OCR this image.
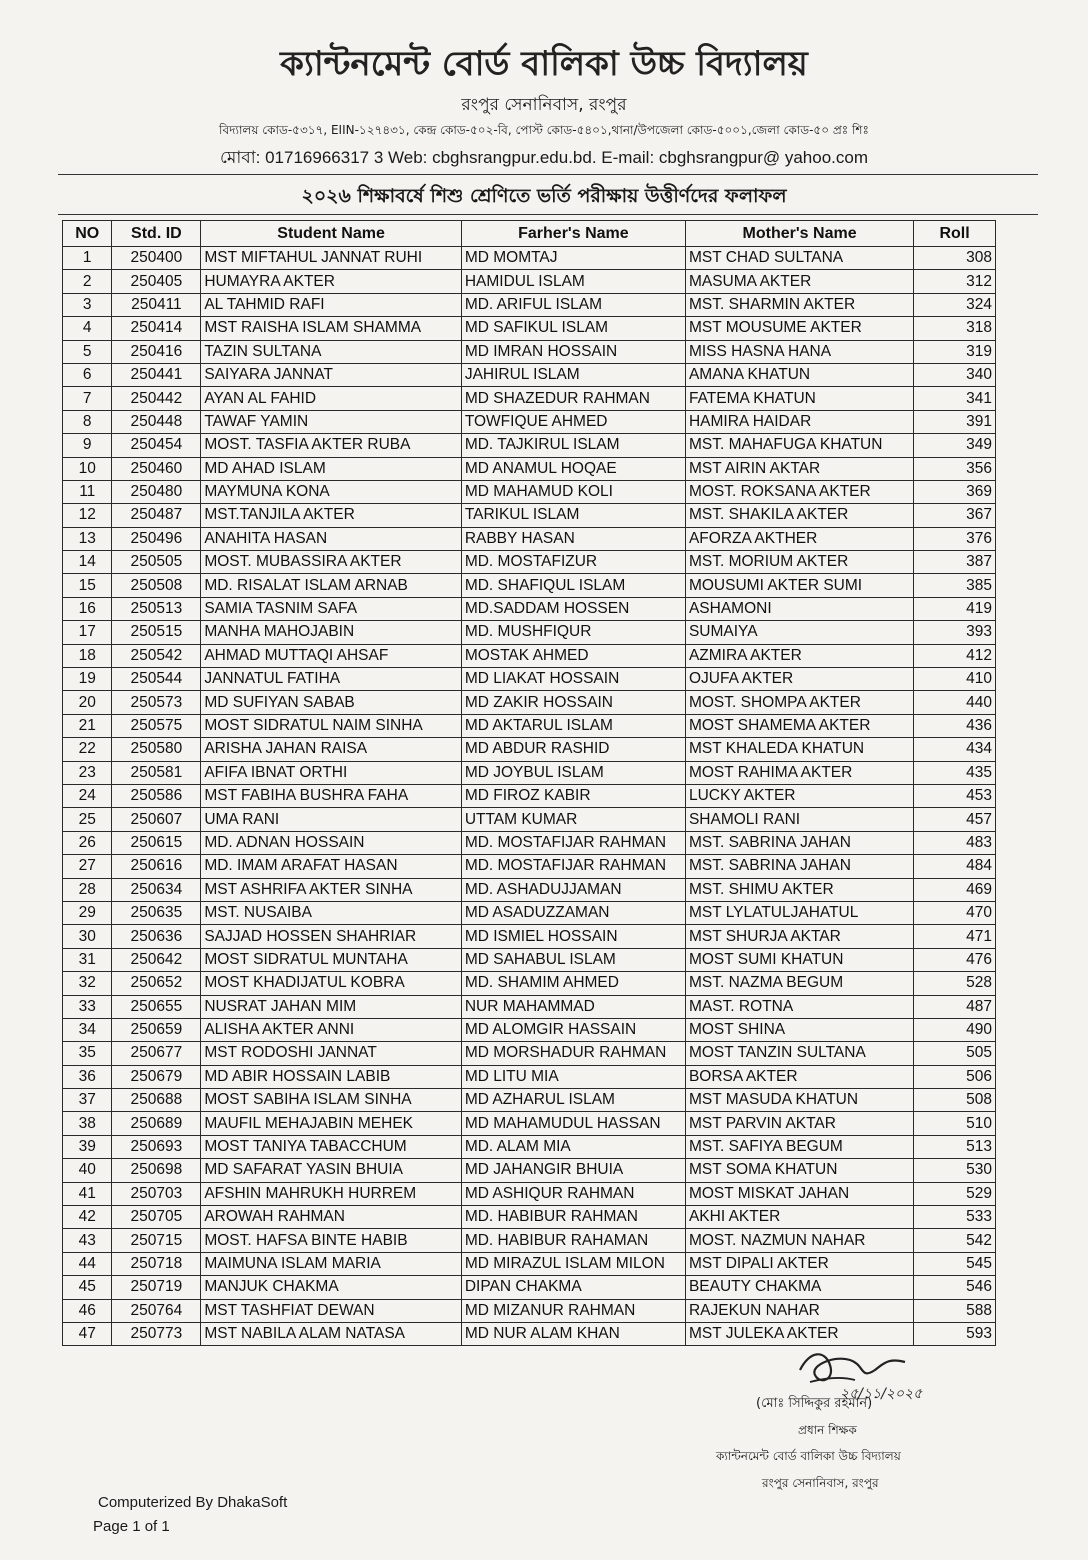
ক্যান্টনমেন্ট বোর্ড বালিকা উচ্চ বিদ্যালয়
রংপুর সেনানিবাস, রংপুর
বিদ্যালয় কোড-৫৩১৭, EIIN-১২৭৪৩১, কেন্দ্র কোড-৫০২-বি, পোস্ট কোড-৫৪০১,থানা/উপজেলা কোড-৫০০১,জেলা কোড-৫০ প্রঃ শিঃ
মোবা: 01716966317 3 Web: cbghsrangpur.edu.bd. E-mail: cbghsrangpur@ yahoo.com
২০২৬ শিক্ষাবর্ষে শিশু শ্রেণিতে ভর্তি পরীক্ষায় উত্তীর্ণদের ফলাফল
NO	Std. ID	Student Name	Farher's Name	Mother's Name	Roll
1	250400	MST MIFTAHUL JANNAT RUHI	MD MOMTAJ	MST CHAD SULTANA	308
2	250405	HUMAYRA AKTER	HAMIDUL ISLAM	MASUMA AKTER	312
3	250411	AL TAHMID RAFI	MD. ARIFUL ISLAM	MST. SHARMIN AKTER	324
4	250414	MST RAISHA ISLAM SHAMMA	MD SAFIKUL ISLAM	MST MOUSUME AKTER	318
5	250416	TAZIN SULTANA	MD IMRAN HOSSAIN	MISS HASNA HANA	319
6	250441	SAIYARA JANNAT	JAHIRUL ISLAM	AMANA KHATUN	340
7	250442	AYAN AL FAHID	MD SHAZEDUR RAHMAN	FATEMA KHATUN	341
8	250448	TAWAF YAMIN	TOWFIQUE AHMED	HAMIRA HAIDAR	391
9	250454	MOST. TASFIA AKTER RUBA	MD. TAJKIRUL ISLAM	MST. MAHAFUGA KHATUN	349
10	250460	MD AHAD ISLAM	MD ANAMUL HOQAE	MST AIRIN AKTAR	356
11	250480	MAYMUNA KONA	MD MAHAMUD KOLI	MOST. ROKSANA AKTER	369
12	250487	MST.TANJILA AKTER	TARIKUL ISLAM	MST. SHAKILA AKTER	367
13	250496	ANAHITA HASAN	RABBY HASAN	AFORZA AKTHER	376
14	250505	MOST. MUBASSIRA AKTER	MD. MOSTAFIZUR	MST. MORIUM AKTER	387
15	250508	MD. RISALAT ISLAM ARNAB	MD. SHAFIQUL ISLAM	MOUSUMI AKTER SUMI	385
16	250513	SAMIA TASNIM SAFA	MD.SADDAM HOSSEN	ASHAMONI	419
17	250515	MANHA MAHOJABIN	MD. MUSHFIQUR	SUMAIYA	393
18	250542	AHMAD MUTTAQI AHSAF	MOSTAK AHMED	AZMIRA AKTER	412
19	250544	JANNATUL FATIHA	MD LIAKAT HOSSAIN	OJUFA AKTER	410
20	250573	MD SUFIYAN SABAB	MD ZAKIR HOSSAIN	MOST. SHOMPA AKTER	440
21	250575	MOST SIDRATUL NAIM SINHA	MD AKTARUL ISLAM	MOST SHAMEMA AKTER	436
22	250580	ARISHA JAHAN RAISA	MD ABDUR RASHID	MST KHALEDA KHATUN	434
23	250581	AFIFA IBNAT ORTHI	MD JOYBUL ISLAM	MOST RAHIMA AKTER	435
24	250586	MST FABIHA BUSHRA FAHA	MD FIROZ KABIR	LUCKY AKTER	453
25	250607	UMA RANI	UTTAM KUMAR	SHAMOLI RANI	457
26	250615	MD. ADNAN HOSSAIN	MD. MOSTAFIJAR RAHMAN	MST. SABRINA JAHAN	483
27	250616	MD. IMAM ARAFAT HASAN	MD. MOSTAFIJAR RAHMAN	MST. SABRINA JAHAN	484
28	250634	MST ASHRIFA AKTER SINHA	MD. ASHADUJJAMAN	MST. SHIMU AKTER	469
29	250635	MST. NUSAIBA	MD ASADUZZAMAN	MST LYLATULJAHATUL	470
30	250636	SAJJAD HOSSEN SHAHRIAR	MD ISMIEL HOSSAIN	MST SHURJA AKTAR	471
31	250642	MOST SIDRATUL MUNTAHA	MD SAHABUL ISLAM	MOST SUMI KHATUN	476
32	250652	MOST KHADIJATUL KOBRA	MD. SHAMIM AHMED	MST. NAZMA BEGUM	528
33	250655	NUSRAT JAHAN MIM	NUR MAHAMMAD	MAST. ROTNA	487
34	250659	ALISHA AKTER ANNI	MD ALOMGIR HASSAIN	MOST SHINA	490
35	250677	MST RODOSHI JANNAT	MD MORSHADUR RAHMAN	MOST TANZIN SULTANA	505
36	250679	MD ABIR HOSSAIN LABIB	MD LITU MIA	BORSA AKTER	506
37	250688	MOST SABIHA ISLAM SINHA	MD AZHARUL ISLAM	MST MASUDA KHATUN	508
38	250689	MAUFIL MEHAJABIN MEHEK	MD MAHAMUDUL HASSAN	MST PARVIN AKTAR	510
39	250693	MOST TANIYA TABACCHUM	MD. ALAM MIA	MST. SAFIYA BEGUM	513
40	250698	MD SAFARAT YASIN BHUIA	MD JAHANGIR BHUIA	MST SOMA KHATUN	530
41	250703	AFSHIN MAHRUKH HURREM	MD ASHIQUR RAHMAN	MOST MISKAT JAHAN	529
42	250705	AROWAH RAHMAN	MD. HABIBUR RAHMAN	AKHI AKTER	533
43	250715	MOST. HAFSA BINTE HABIB	MD. HABIBUR RAHAMAN	MOST. NAZMUN NAHAR	542
44	250718	MAIMUNA ISLAM MARIA	MD MIRAZUL ISLAM MILON	MST DIPALI AKTER	545
45	250719	MANJUK CHAKMA	DIPAN CHAKMA	BEAUTY CHAKMA	546
46	250764	MST TASHFIAT DEWAN	MD MIZANUR RAHMAN	RAJEKUN NAHAR	588
47	250773	MST NABILA ALAM NATASA	MD NUR ALAM KHAN	MST JULEKA AKTER	593
২৫/১১/২০২৫
(মোঃ সিদ্দিকুর রহমান)
প্রধান শিক্ষক
ক্যান্টনমেন্ট বোর্ড বালিকা উচ্চ বিদ্যালয়
রংপুর সেনানিবাস, রংপুর
Computerized By DhakaSoft
Page 1 of 1
